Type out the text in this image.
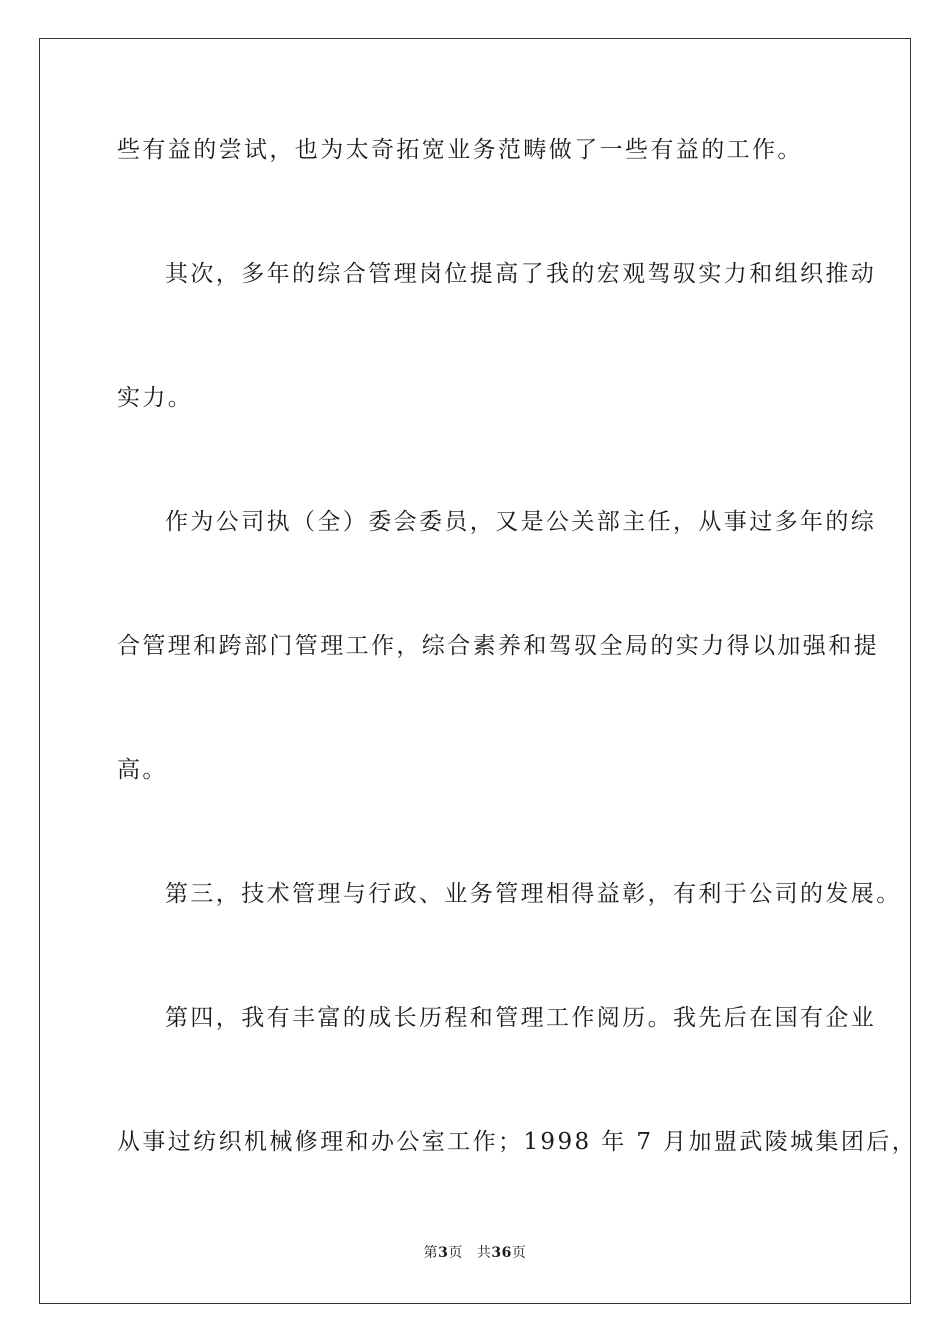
些有益的尝试，也为太奇拓宽业务范畴做了一些有益的工作。
其次，多年的综合管理岗位提高了我的宏观驾驭实力和组织推动
实力。
作为公司执（全）委会委员，又是公关部主任，从事过多年的综
合管理和跨部门管理工作，综合素养和驾驭全局的实力得以加强和提
高。
第三，技术管理与行政、业务管理相得益彰，有利于公司的发展。
第四，我有丰富的成长历程和管理工作阅历。我先后在国有企业
从事过纺织机械修理和办公室工作；1998 年 7 月加盟武陵城集团后，
第3页 共36页
